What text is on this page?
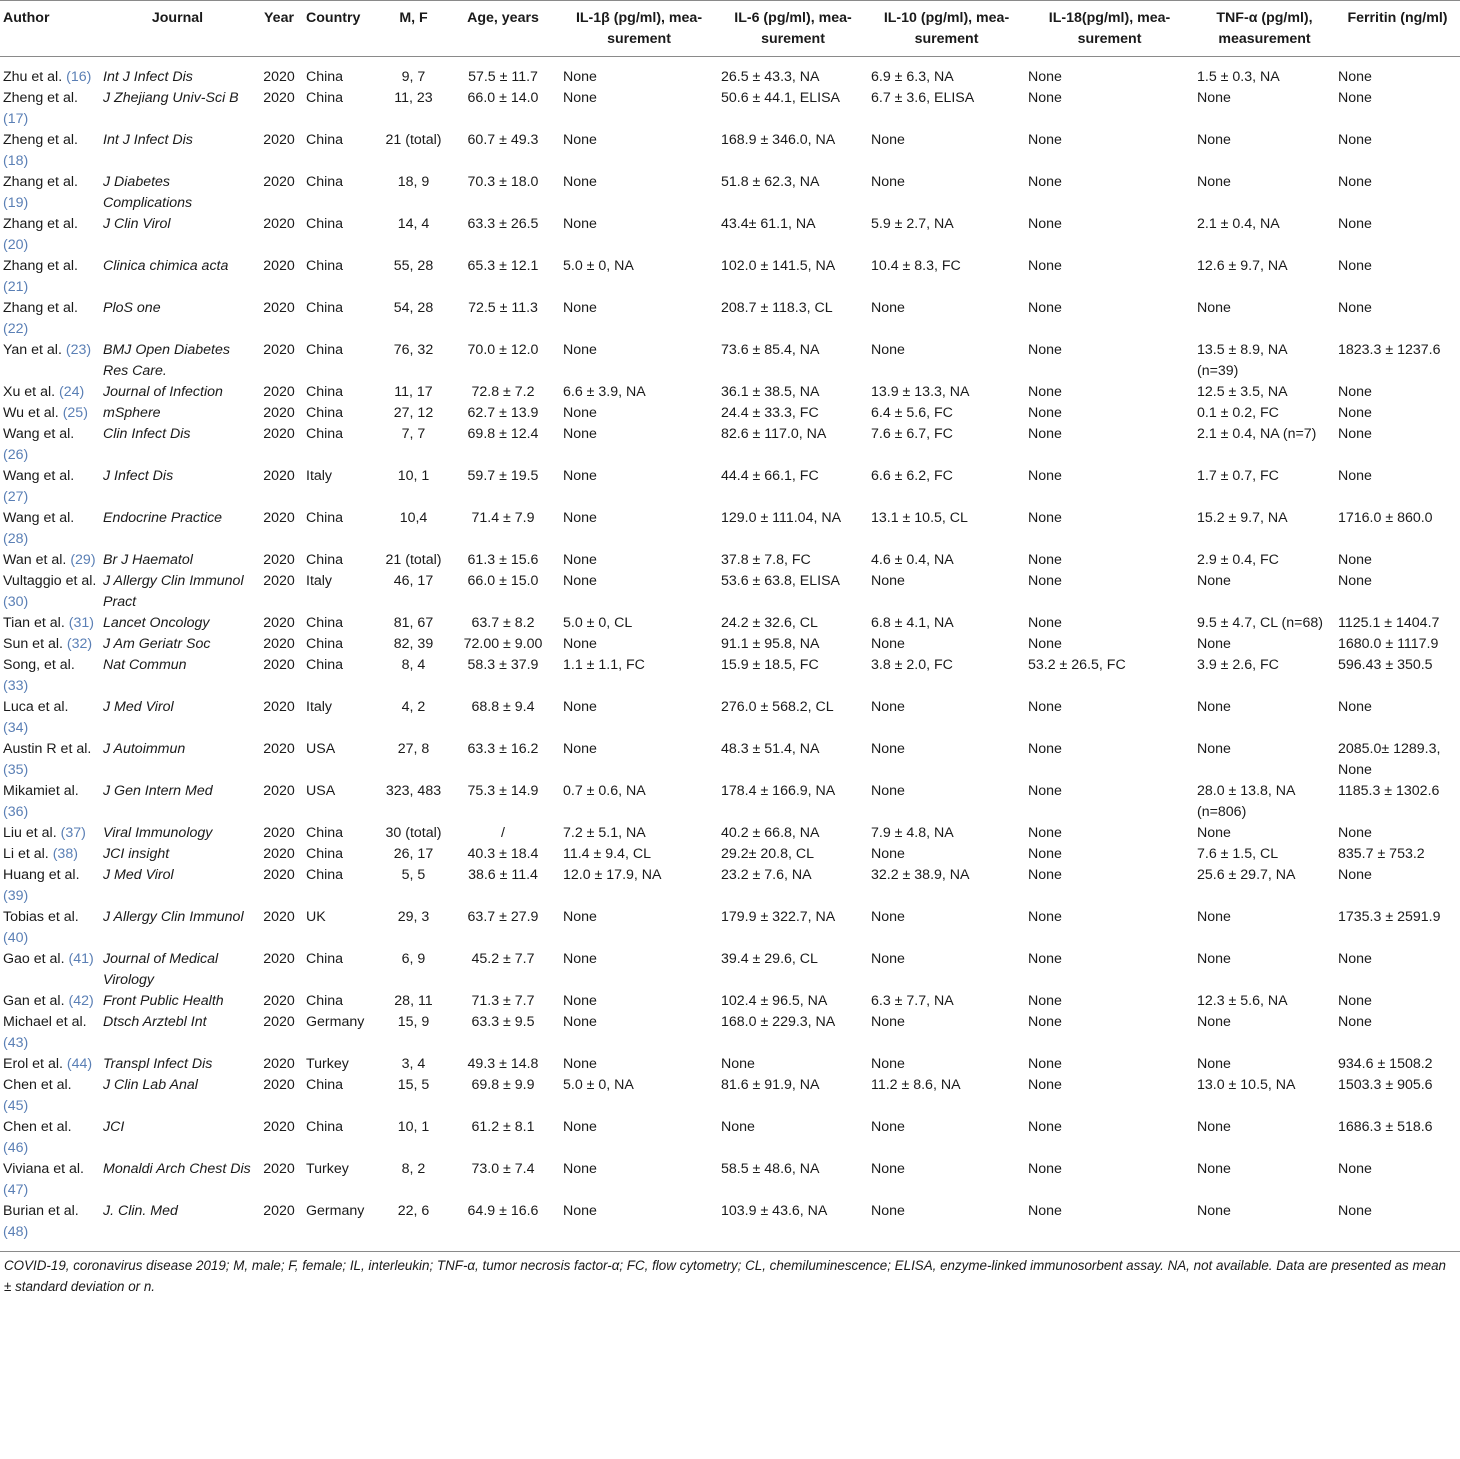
Author	Journal	Year	Country	M, F	Age, years	IL-1β (pg/ml), mea-surement	IL-6 (pg/ml), mea-surement	IL-10 (pg/ml), mea-surement	IL-18(pg/ml), mea-surement	TNF-α (pg/ml), measurement	Ferritin (ng/ml)
Zhu et al. (16)	Int J Infect Dis	2020	China	9, 7	57.5 ± 11.7	None	26.5 ± 43.3, NA	6.9 ± 6.3, NA	None	1.5 ± 0.3, NA	None
Zheng et al. (17)	J Zhejiang Univ-Sci B	2020	China	11, 23	66.0 ± 14.0	None	50.6 ± 44.1, ELISA	6.7 ± 3.6, ELISA	None	None	None
Zheng et al. (18)	Int J Infect Dis	2020	China	21 (total)	60.7 ± 49.3	None	168.9 ± 346.0, NA	None	None	None	None
Zhang et al. (19)	J Diabetes Complications	2020	China	18, 9	70.3 ± 18.0	None	51.8 ± 62.3, NA	None	None	None	None
Zhang et al. (20)	J Clin Virol	2020	China	14, 4	63.3 ± 26.5	None	43.4± 61.1, NA	5.9 ± 2.7, NA	None	2.1 ± 0.4, NA	None
Zhang et al. (21)	Clinica chimica acta	2020	China	55, 28	65.3 ± 12.1	5.0 ± 0, NA	102.0 ± 141.5, NA	10.4 ± 8.3, FC	None	12.6 ± 9.7, NA	None
Zhang et al. (22)	PloS one	2020	China	54, 28	72.5 ± 11.3	None	208.7 ± 118.3, CL	None	None	None	None
Yan et al. (23)	BMJ Open Diabetes Res Care.	2020	China	76, 32	70.0 ± 12.0	None	73.6 ± 85.4, NA	None	None	13.5 ± 8.9, NA (n=39)	1823.3 ± 1237.6
Xu et al. (24)	Journal of Infection	2020	China	11, 17	72.8 ± 7.2	6.6 ± 3.9, NA	36.1 ± 38.5, NA	13.9 ± 13.3, NA	None	12.5 ± 3.5, NA	None
Wu et al. (25)	mSphere	2020	China	27, 12	62.7 ± 13.9	None	24.4 ± 33.3, FC	6.4 ± 5.6, FC	None	0.1 ± 0.2, FC	None
Wang et al. (26)	Clin Infect Dis	2020	China	7, 7	69.8 ± 12.4	None	82.6 ± 117.0, NA	7.6 ± 6.7, FC	None	2.1 ± 0.4, NA (n=7)	None
Wang et al. (27)	J Infect Dis	2020	Italy	10, 1	59.7 ± 19.5	None	44.4 ± 66.1, FC	6.6 ± 6.2, FC	None	1.7 ± 0.7, FC	None
Wang et al. (28)	Endocrine Practice	2020	China	10,4	71.4 ± 7.9	None	129.0 ± 111.04, NA	13.1 ± 10.5, CL	None	15.2 ± 9.7, NA	1716.0 ± 860.0
Wan et al. (29)	Br J Haematol	2020	China	21 (total)	61.3 ± 15.6	None	37.8 ± 7.8, FC	4.6 ± 0.4, NA	None	2.9 ± 0.4, FC	None
Vultaggio et al. (30)	J Allergy Clin Immunol Pract	2020	Italy	46, 17	66.0 ± 15.0	None	53.6 ± 63.8, ELISA	None	None	None	None
Tian et al. (31)	Lancet Oncology	2020	China	81, 67	63.7 ± 8.2	5.0 ± 0, CL	24.2 ± 32.6, CL	6.8 ± 4.1, NA	None	9.5 ± 4.7, CL (n=68)	1125.1 ± 1404.7
Sun et al. (32)	J Am Geriatr Soc	2020	China	82, 39	72.00 ± 9.00	None	91.1 ± 95.8, NA	None	None	None	1680.0 ± 1117.9
Song, et al. (33)	Nat Commun	2020	China	8, 4	58.3 ± 37.9	1.1 ± 1.1, FC	15.9 ± 18.5, FC	3.8 ± 2.0, FC	53.2 ± 26.5, FC	3.9 ± 2.6, FC	596.43 ± 350.5
Luca et al. (34)	J Med Virol	2020	Italy	4, 2	68.8 ± 9.4	None	276.0 ± 568.2, CL	None	None	None	None
Austin R et al. (35)	J Autoimmun	2020	USA	27, 8	63.3 ± 16.2	None	48.3 ± 51.4, NA	None	None	None	2085.0± 1289.3, None
Mikamiet al. (36)	J Gen Intern Med	2020	USA	323, 483	75.3 ± 14.9	0.7 ± 0.6, NA	178.4 ± 166.9, NA	None	None	28.0 ± 13.8, NA (n=806)	1185.3 ± 1302.6
Liu et al. (37)	Viral Immunology	2020	China	30 (total)	/	7.2 ± 5.1, NA	40.2 ± 66.8, NA	7.9 ± 4.8, NA	None	None	None
Li et al. (38)	JCI insight	2020	China	26, 17	40.3 ± 18.4	11.4 ± 9.4, CL	29.2± 20.8, CL	None	None	7.6 ± 1.5, CL	835.7 ± 753.2
Huang et al. (39)	J Med Virol	2020	China	5, 5	38.6 ± 11.4	12.0 ± 17.9, NA	23.2 ± 7.6, NA	32.2 ± 38.9, NA	None	25.6 ± 29.7, NA	None
Tobias et al. (40)	J Allergy Clin Immunol	2020	UK	29, 3	63.7 ± 27.9	None	179.9 ± 322.7, NA	None	None	None	1735.3 ± 2591.9
Gao et al. (41)	Journal of Medical Virology	2020	China	6, 9	45.2 ± 7.7	None	39.4 ± 29.6, CL	None	None	None	None
Gan et al. (42)	Front Public Health	2020	China	28, 11	71.3 ± 7.7	None	102.4 ± 96.5, NA	6.3 ± 7.7, NA	None	12.3 ± 5.6, NA	None
Michael et al. (43)	Dtsch Arztebl Int	2020	Germany	15, 9	63.3 ± 9.5	None	168.0 ± 229.3, NA	None	None	None	None
Erol et al. (44)	Transpl Infect Dis	2020	Turkey	3, 4	49.3 ± 14.8	None	None	None	None	None	934.6 ± 1508.2
Chen et al. (45)	J Clin Lab Anal	2020	China	15, 5	69.8 ± 9.9	5.0 ± 0, NA	81.6 ± 91.9, NA	11.2 ± 8.6, NA	None	13.0 ± 10.5, NA	1503.3 ± 905.6
Chen et al. (46)	JCI	2020	China	10, 1	61.2 ± 8.1	None	None	None	None	None	1686.3 ± 518.6
Viviana et al. (47)	Monaldi Arch Chest Dis	2020	Turkey	8, 2	73.0 ± 7.4	None	58.5 ± 48.6, NA	None	None	None	None
Burian et al. (48)	J. Clin. Med	2020	Germany	22, 6	64.9 ± 16.6	None	103.9 ± 43.6, NA	None	None	None	None
COVID-19, coronavirus disease 2019; M, male; F, female; IL, interleukin; TNF-α, tumor necrosis factor-α; FC, flow cytometry; CL, chemiluminescence; ELISA, enzyme-linked immunosorbent assay. NA, not available. Data are presented as mean ± standard deviation or n.
